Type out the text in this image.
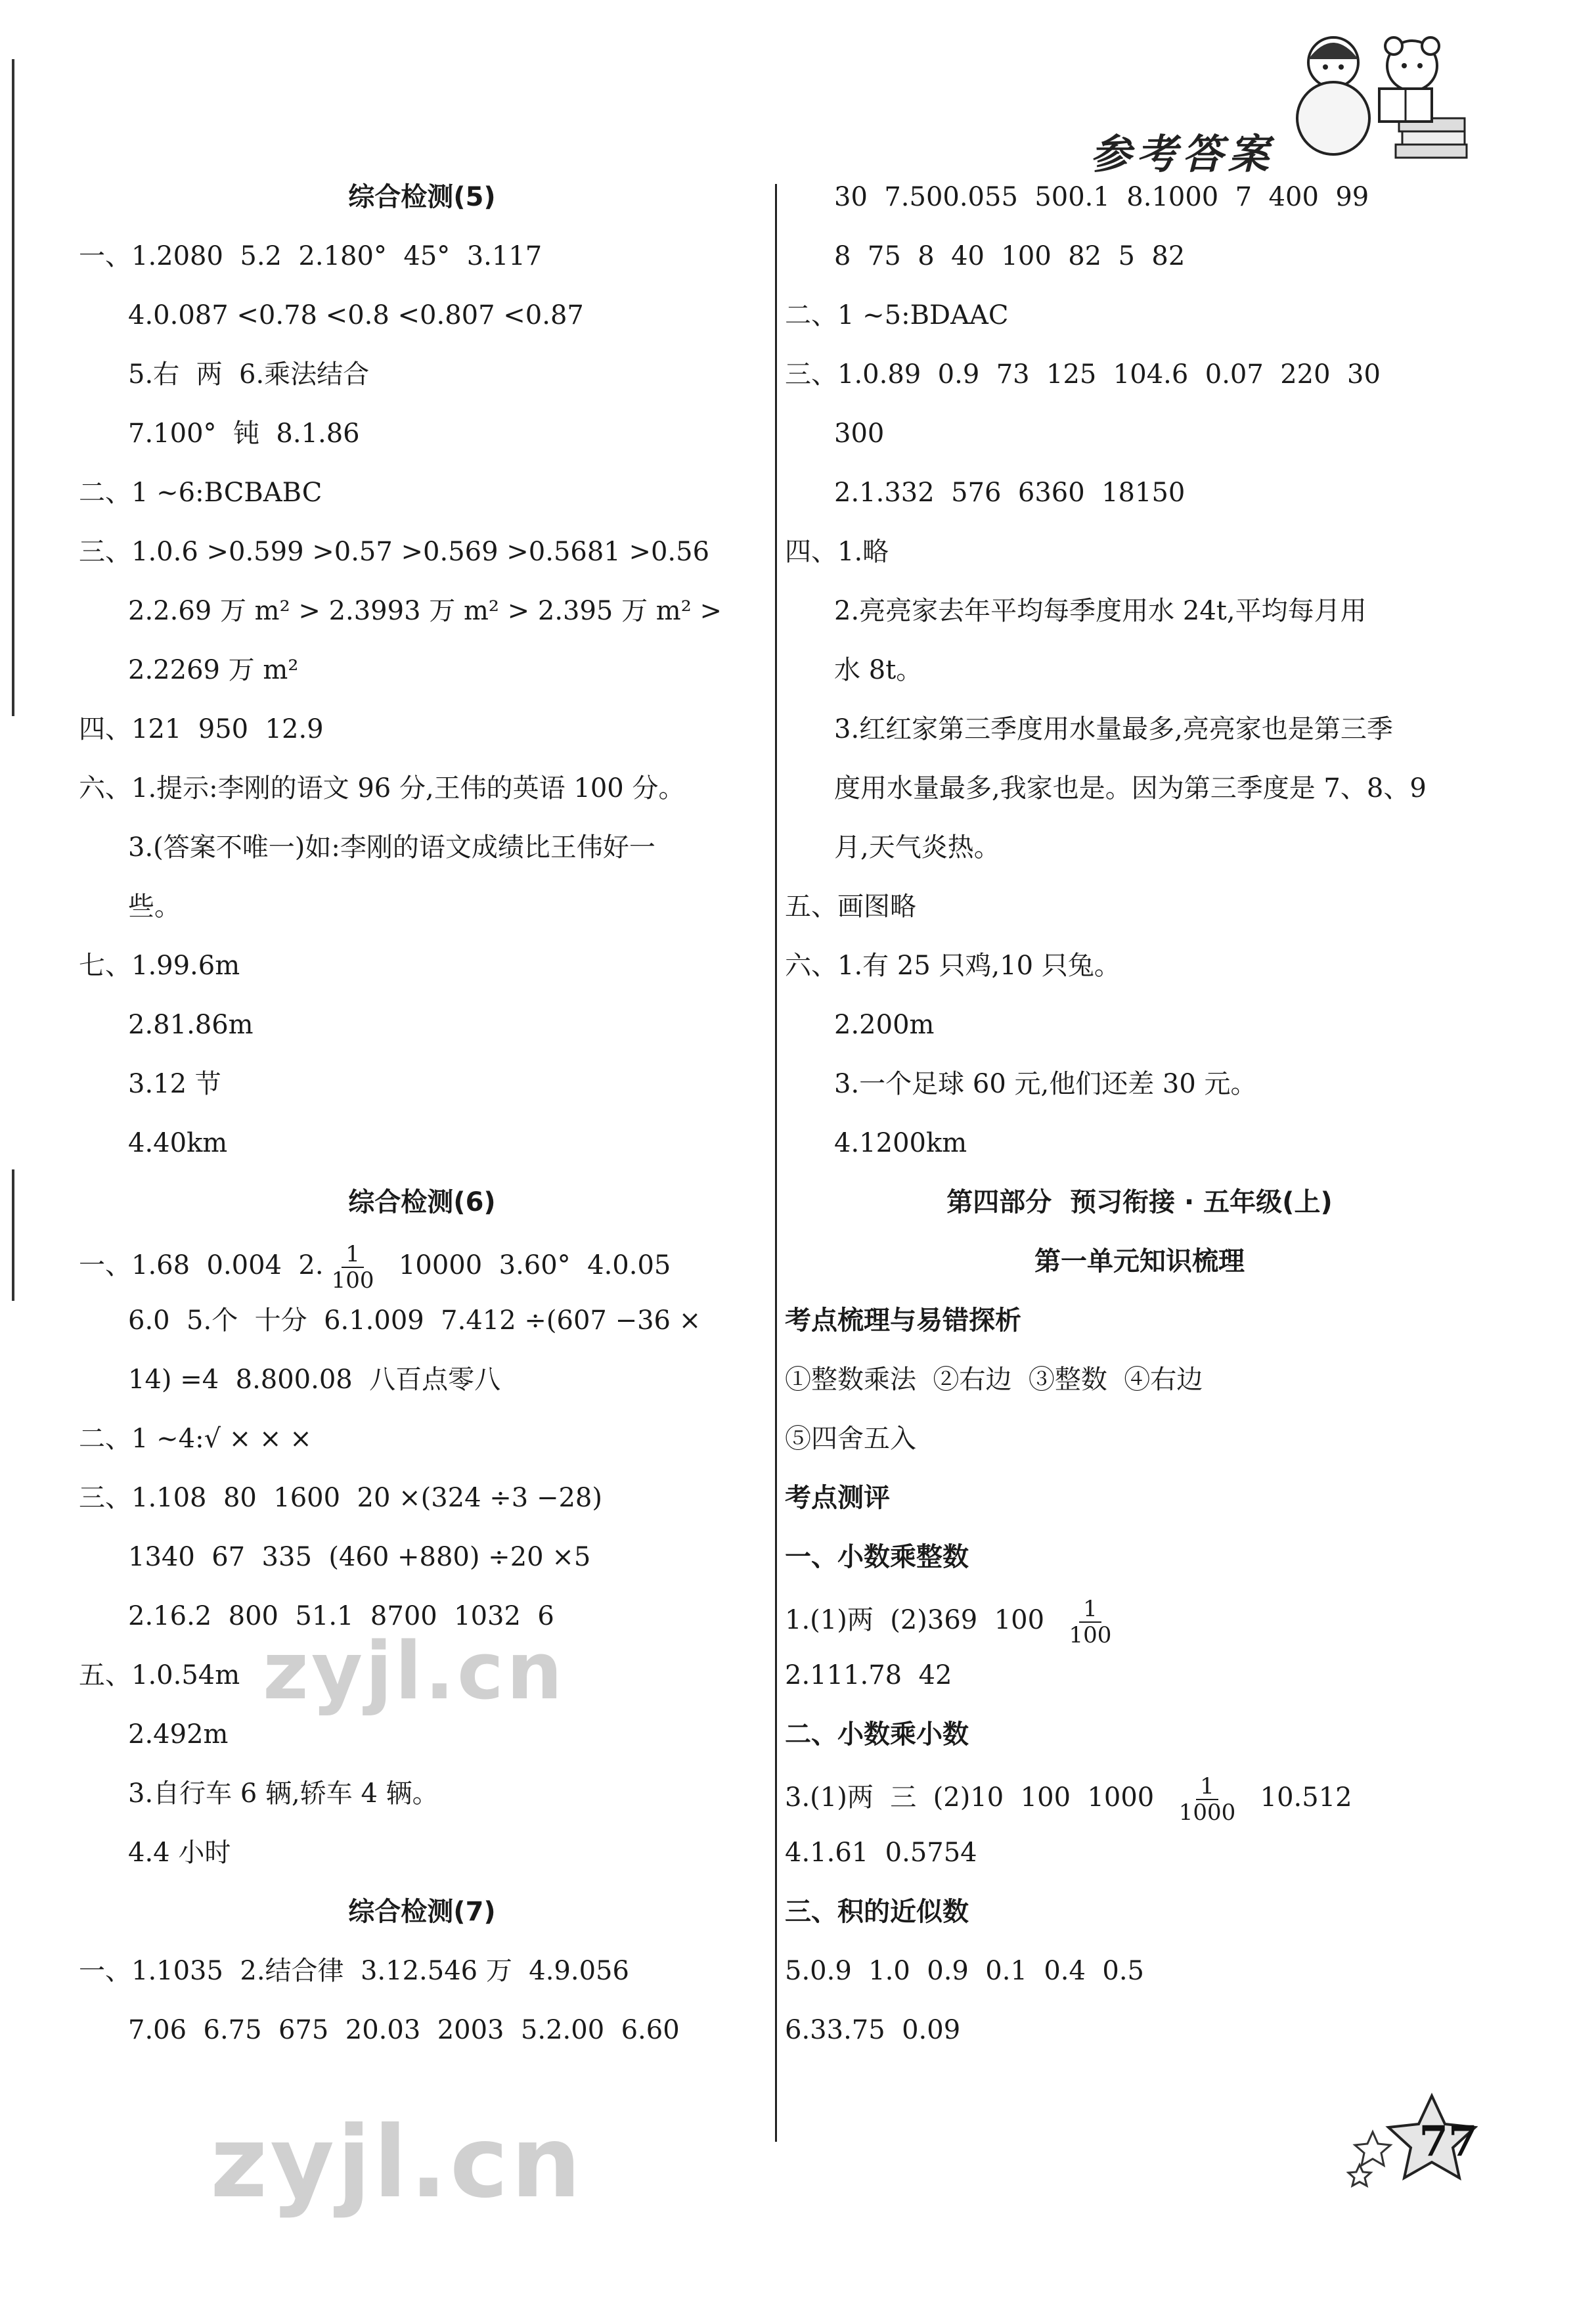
参考答案
综合检测(5)
一、1.2080  5.2  2.180°  45°  3.117
4.0.087 <0.78 <0.8 <0.807 <0.87
5.右  两  6.乘法结合
7.100°  钝  8.1.86
二、1 ~6:BCBABC
三、1.0.6 >0.599 >0.57 >0.569 >0.5681 >0.56
2.2.69 万 m² > 2.3993 万 m² > 2.395 万 m² >
2.2269 万 m²
四、121  950  12.9
六、1.提示:李刚的语文 96 分,王伟的英语 100 分。
3.(答案不唯一)如:李刚的语文成绩比王伟好一
些。
七、1.99.6m
2.81.86m
3.12 节
4.40km
综合检测(6)
一、1.68  0.004  2. $\frac{1}{100} 10000$  3.60°  4.0.05
6.0  5.个  十分  6.1.009  7.412 ÷(607 −36 ×
14) =4  8.800.08  八百点零八
二、1 ~4:√ × × ×
三、1.108  80  1600  20 ×(324 ÷3 −28)
1340  67  335  (460 +880) ÷20 ×5
2.16.2  800  51.1  8700  1032  6
五、1.0.54m
2.492m
3.自行车 6 辆,轿车 4 辆。
4.4 小时
综合检测(7)
一、1.1035  2.结合律  3.12.546 万  4.9.056
7.06  6.75  675  20.03  2003  5.2.00  6.60
30  7.500.055  500.1  8.1000  7  400  99
8  75  8  40  100  82  5  82
二、1 ~5:BDAAC
三、1.0.89  0.9  73  125  104.6  0.07  220  30
300
2.1.332  576  6360  18150
四、1.略
2.亮亮家去年平均每季度用水 24t,平均每月用
水 8t。
3.红红家第三季度用水量最多,亮亮家也是第三季
度用水量最多,我家也是。因为第三季度是 7、8、9
月,天气炎热。
五、画图略
六、1.有 25 只鸡,10 只兔。
2.200m
3.一个足球 60 元,他们还差 30 元。
4.1200km
第四部分  预习衔接 · 五年级(上)
第一单元知识梳理
考点梳理与易错探析
①整数乘法  ②右边  ③整数  ④右边
⑤四舍五入
考点测评
一、小数乘整数
1.(1)两  (2)369  $100 \frac{1}{100}$
2.111.78  42
二、小数乘小数
3.(1)两  三  (2)10  100  $1000 \frac{1}{1000} 10.512$
4.1.61  0.5754
三、积的近似数
5.0.9  1.0  0.9  0.1  0.4  0.5
6.33.75  0.09
zyjl.cn
zyjl.cn	77
